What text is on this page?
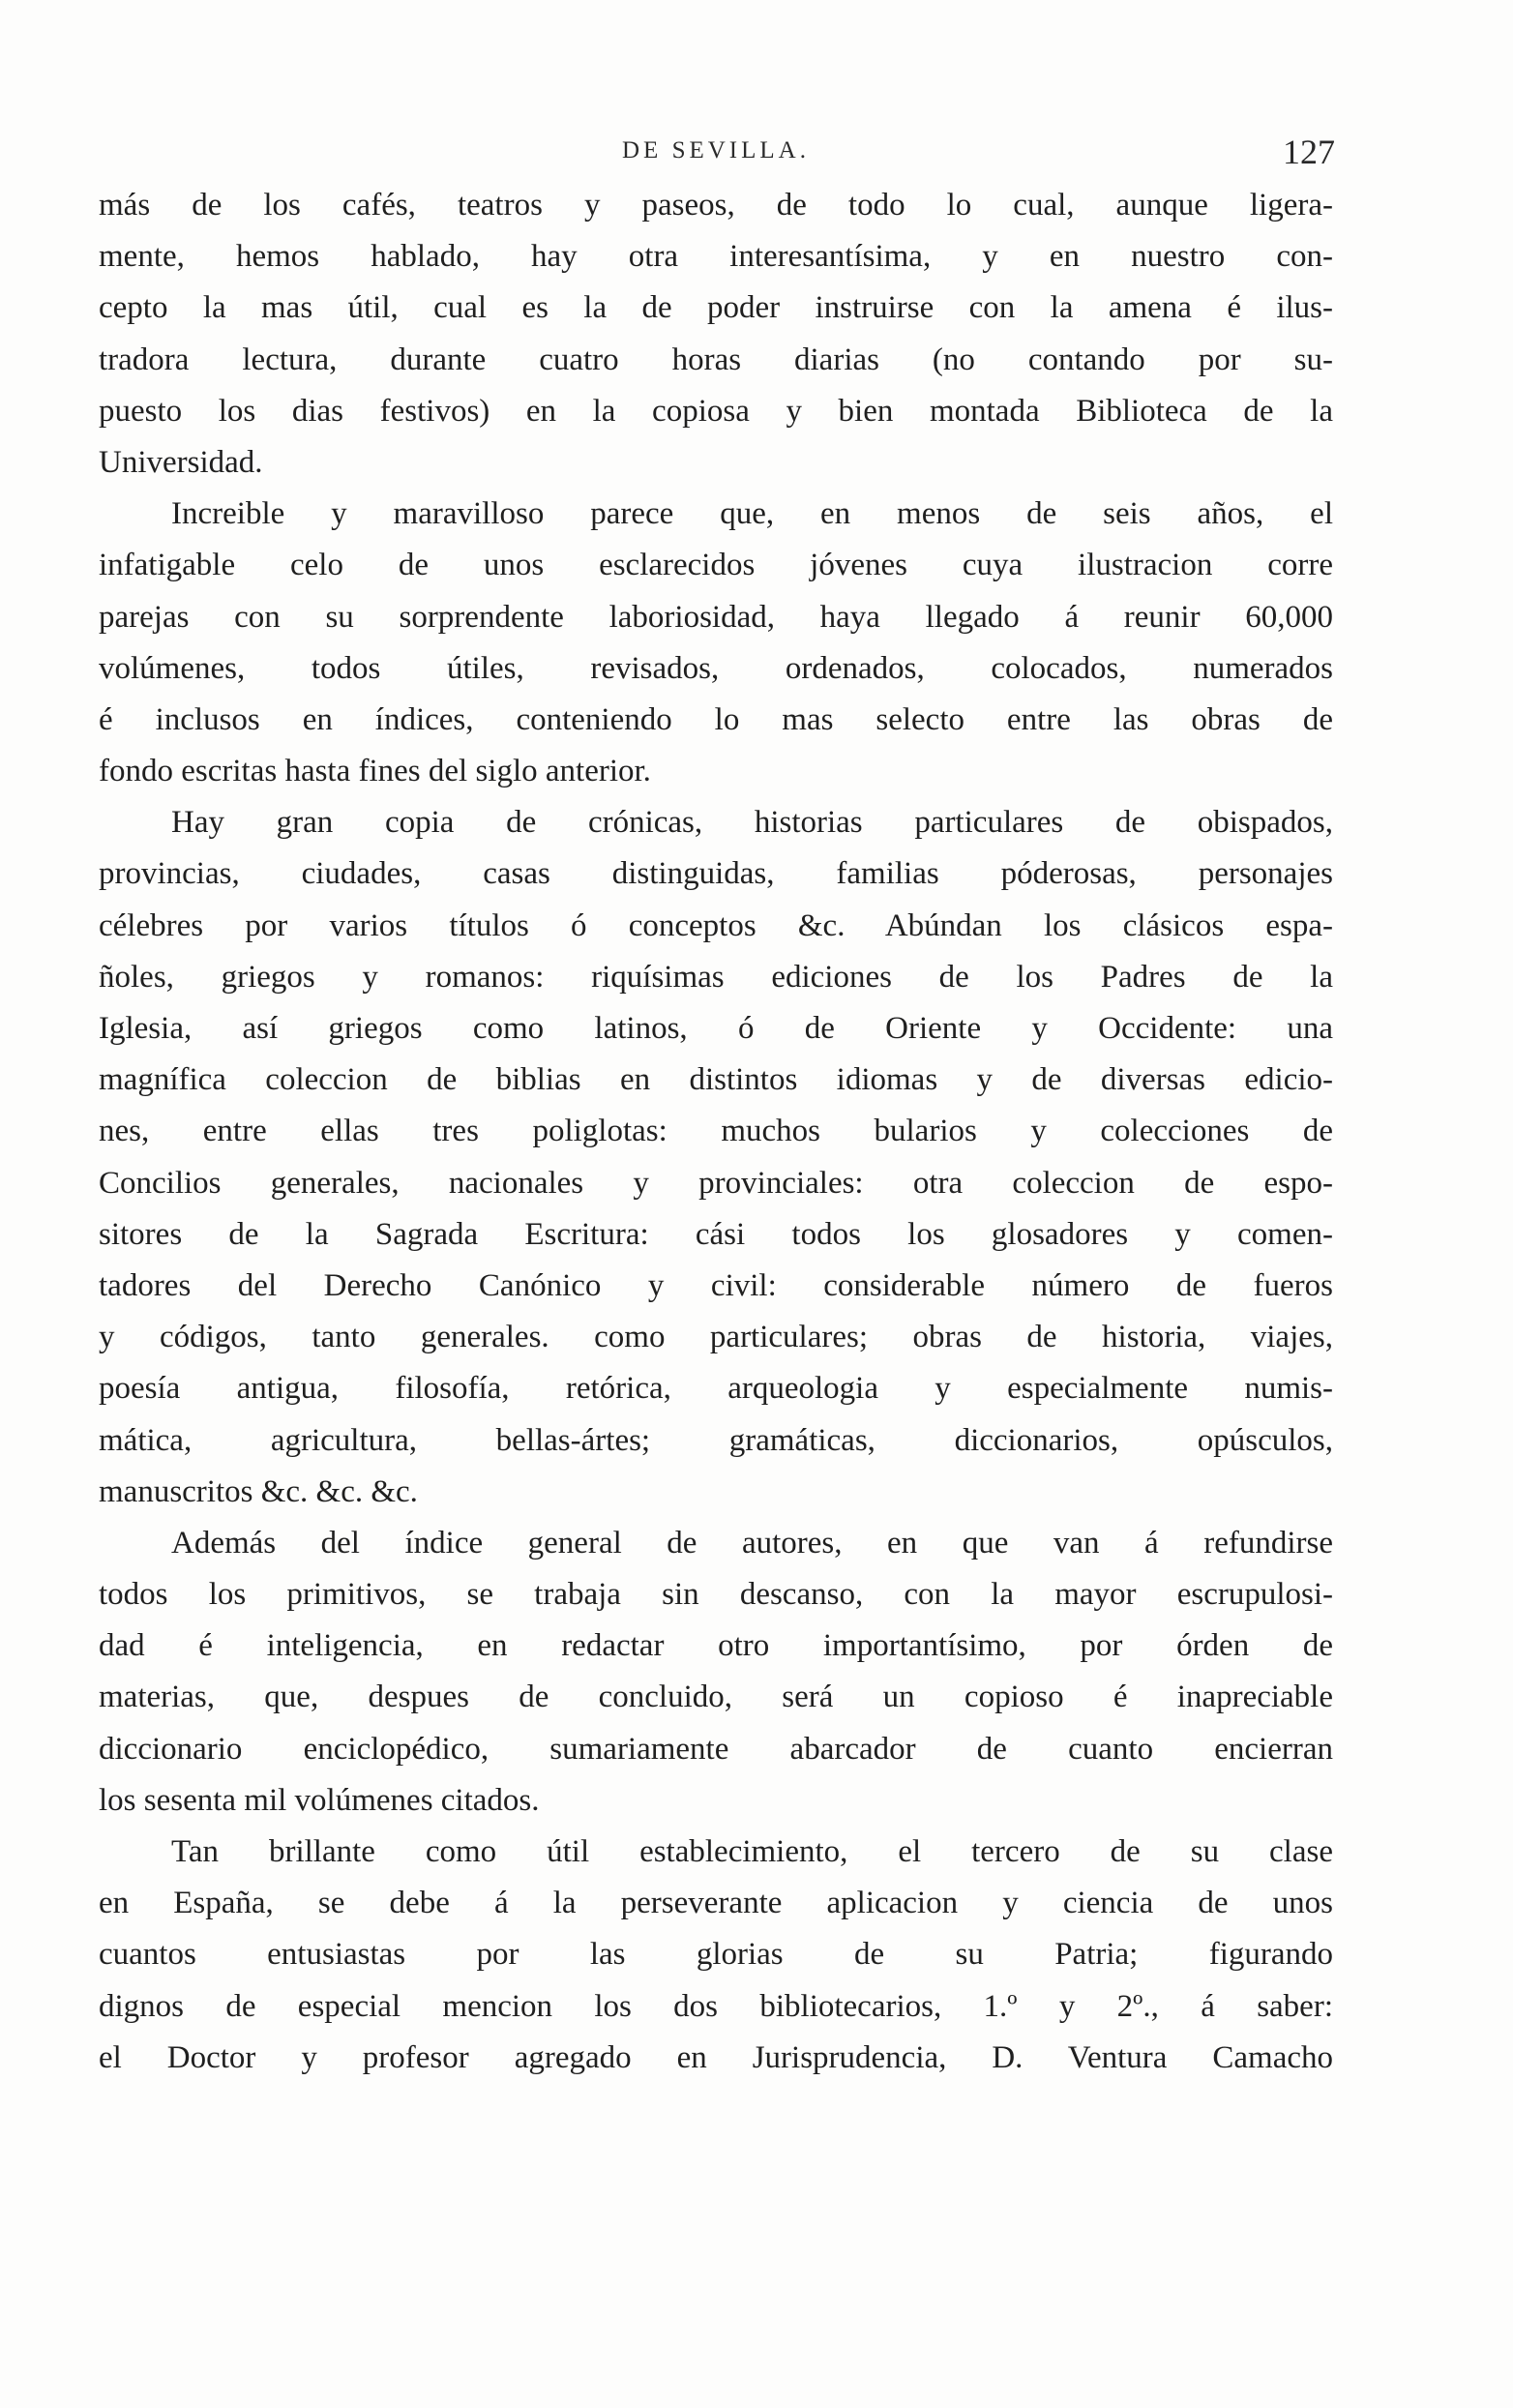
DE SEVILLA.	127
más de los cafés, teatros y paseos, de todo lo cual, aunque ligera-
mente, hemos hablado, hay otra interesantísima, y en nuestro con-
cepto la mas útil, cual es la de poder instruirse con la amena é ilus-
tradora lectura, durante cuatro horas diarias (no contando por su-
puesto los dias festivos) en la copiosa y bien montada Biblioteca de la
Universidad.
Increible y maravilloso parece que, en menos de seis años, el
infatigable celo de unos esclarecidos jóvenes cuya ilustracion corre
parejas con su sorprendente laboriosidad, haya llegado á reunir 60,000
volúmenes, todos útiles, revisados, ordenados, colocados, numerados
é inclusos en índices, conteniendo lo mas selecto entre las obras de
fondo escritas hasta fines del siglo anterior.
Hay gran copia de crónicas, historias particulares de obispados,
provincias, ciudades, casas distinguidas, familias póderosas, personajes
célebres por varios títulos ó conceptos &c. Abúndan los clásicos espa-
ñoles, griegos y romanos: riquísimas ediciones de los Padres de la
Iglesia, así griegos como latinos, ó de Oriente y Occidente: una
magnífica coleccion de biblias en distintos idiomas y de diversas edicio-
nes, entre ellas tres poliglotas: muchos bularios y colecciones de
Concilios generales, nacionales y provinciales: otra coleccion de espo-
sitores de la Sagrada Escritura: cási todos los glosadores y comen-
tadores del Derecho Canónico y civil: considerable número de fueros
y códigos, tanto generales. como particulares; obras de historia, viajes,
poesía antigua, filosofía, retórica, arqueologia y especialmente numis-
mática, agricultura, bellas-ártes; gramáticas, diccionarios, opúsculos,
manuscritos &c. &c. &c.
Además del índice general de autores, en que van á refundirse
todos los primitivos, se trabaja sin descanso, con la mayor escrupulosi-
dad é inteligencia, en redactar otro importantísimo, por órden de
materias, que, despues de concluido, será un copioso é inapreciable
diccionario enciclopédico, sumariamente abarcador de cuanto encierran
los sesenta mil volúmenes citados.
Tan brillante como útil establecimiento, el tercero de su clase
en España, se debe á la perseverante aplicacion y ciencia de unos
cuantos entusiastas por las glorias de su Patria; figurando
dignos de especial mencion los dos bibliotecarios, 1.º y 2º., á saber:
el Doctor y profesor agregado en Jurisprudencia, D. Ventura Camacho
